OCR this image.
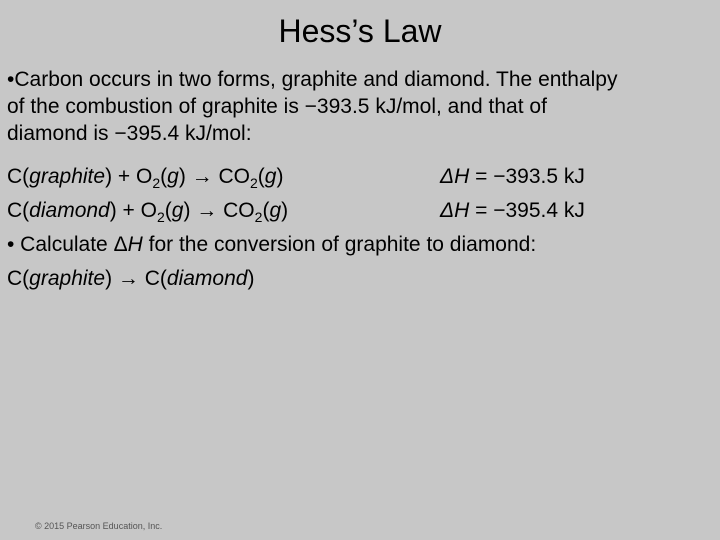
Hess’s Law
•Carbon occurs in two forms, graphite and diamond. The enthalpy
of the combustion of graphite is −393.5 kJ/mol, and that of
diamond is −395.4 kJ/mol:
C(graphite) + $O_2(g) \to CO_2(g)$	ΔH = −393.5 kJ
C(diamond) + $O_2(g) \to CO_2(g)$	ΔH = −395.4 kJ
• Calculate ΔH for the conversion of graphite to diamond:
C(graphite) → C(diamond)
© 2015 Pearson Education, Inc.
